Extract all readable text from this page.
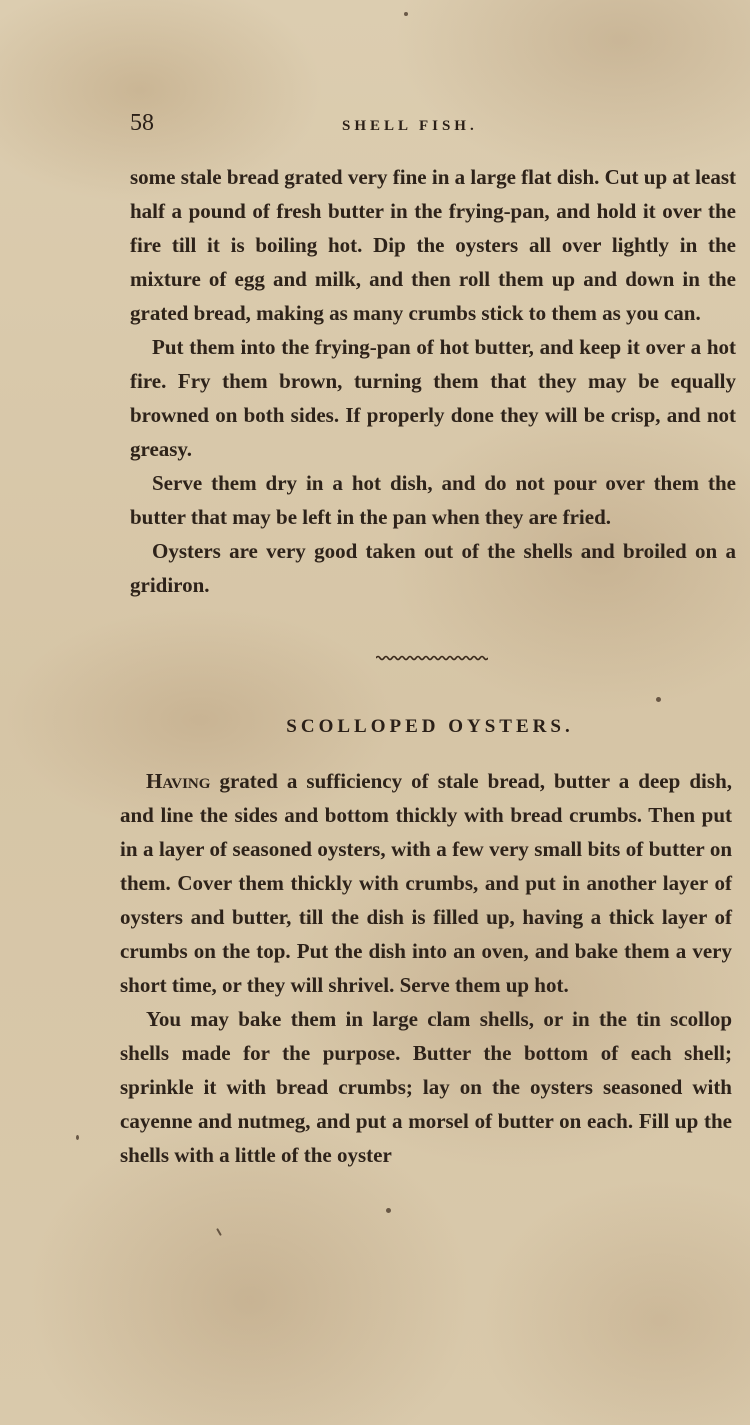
58	SHELL FISH.

some stale bread grated very fine in a large flat dish. Cut up at least half a pound of fresh butter in the frying-pan, and hold it over the fire till it is boiling hot. Dip the oysters all over lightly in the mixture of egg and milk, and then roll them up and down in the grated bread, making as many crumbs stick to them as you can.

Put them into the frying-pan of hot butter, and keep it over a hot fire. Fry them brown, turning them that they may be equally browned on both sides. If properly done they will be crisp, and not greasy.

Serve them dry in a hot dish, and do not pour over them the butter that may be left in the pan when they are fried.

Oysters are very good taken out of the shells and broiled on a gridiron.

SCOLLOPED OYSTERS.

Having grated a sufficiency of stale bread, butter a deep dish, and line the sides and bottom thickly with bread crumbs. Then put in a layer of seasoned oysters, with a few very small bits of butter on them. Cover them thickly with crumbs, and put in another layer of oysters and butter, till the dish is filled up, having a thick layer of crumbs on the top. Put the dish into an oven, and bake them a very short time, or they will shrivel. Serve them up hot.

You may bake them in large clam shells, or in the tin scollop shells made for the purpose. Butter the bottom of each shell; sprinkle it with bread crumbs; lay on the oysters seasoned with cayenne and nutmeg, and put a morsel of butter on each. Fill up the shells with a little of the oyster
